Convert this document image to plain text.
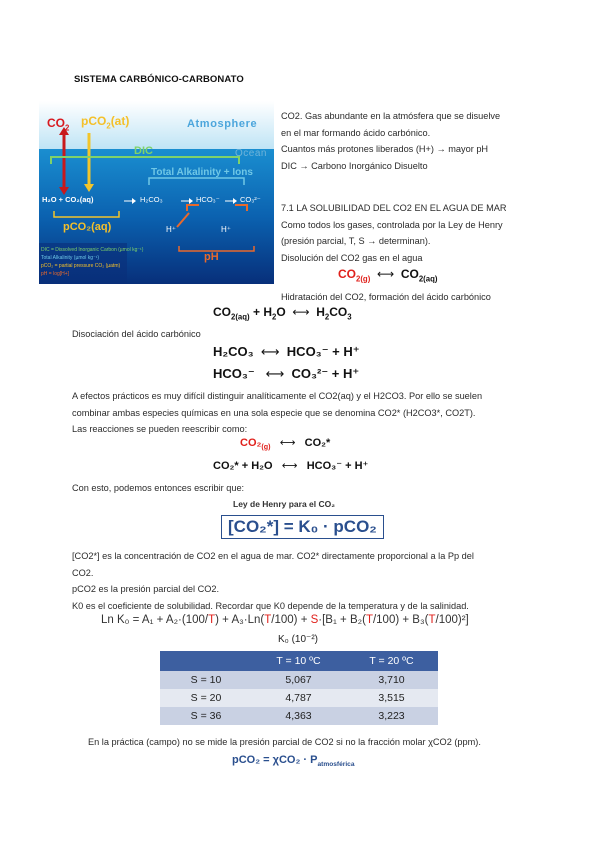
SISTEMA CARBÓNICO-CARBONATO
$CO_2$ pCO$_2$(at)	Atmosphere
Ocean
DIC
Total Alkalinity + Ions
H₂O + CO₂(aq)	H₂CO₃	HCO₃⁻	CO₃²⁻
H⁺	H⁺
pCO₂(aq)
pH
DIC = Dissolved Inorganic Carbon (µmol kg⁻¹)
Total Alkalinity (µmol kg⁻¹)
pCO₂ = partial pressure CO₂ (µatm)
pH = log[H+]
CO2. Gas abundante en la atmósfera que se disuelve
en el mar formando ácido carbónico.
Cuantos más protones liberados (H+) → mayor pH
DIC → Carbono Inorgánico Disuelto
7.1 LA SOLUBILIDAD DEL CO2 EN EL AGUA DE MAR
Como todos los gases, controlada por la Ley de Henry
(presión parcial, T, S → determinan).
Disolución del CO2 gas en el agua
$CO_{2(g)}$ ⟷ $CO_{2(aq)}$
Hidratación del CO2, formación del ácido carbónico
$CO_{2(aq)} + H_2O$ ⟷ $H_2CO_3$
Disociación del ácido carbónico
H₂CO₃ ⟷ HCO₃⁻ + H⁺
HCO₃⁻ ⟷ CO₃²⁻ + H⁺
A efectos prácticos es muy difícil distinguir analíticamente el CO2(aq) y el H2CO3. Por ello se suelen
combinar ambas especies químicas en una sola especie que se denomina CO2* (H2CO3*, CO2T).
Las reacciones se pueden reescribir como:
$CO_2_{(g)}$ ⟷ CO₂*
CO₂* + H₂O ⟷ HCO₃⁻ + H⁺
Con esto, podemos entonces escribir que:
Ley de Henry para el CO₂
[CO₂*] = K₀ · pCO₂
[CO2*] es la concentración de CO2 en el agua de mar. CO2* directamente proporcional a la Pp del
CO2.
pCO2 es la presión parcial del CO2.
K0 es el coeficiente de solubilidad. Recordar que K0 depende de la temperatura y de la salinidad.
Ln K₀ = A₁ + A₂·(100/T) + A₃·Ln(T/100) + S·[B₁ + B₂(T/100) + B₃(T/100)²]
K₀ (10⁻²)
	T = 10 ºC	T = 20 ºC
S = 10	5,067	3,710
S = 20	4,787	3,515
S = 36	4,363	3,223
En la práctica (campo) no se mide la presión parcial de CO2 si no la fracción molar χCO2 (ppm).
$pCO_2 = \chi CO_2 \cdot P_{atmosférica}$
